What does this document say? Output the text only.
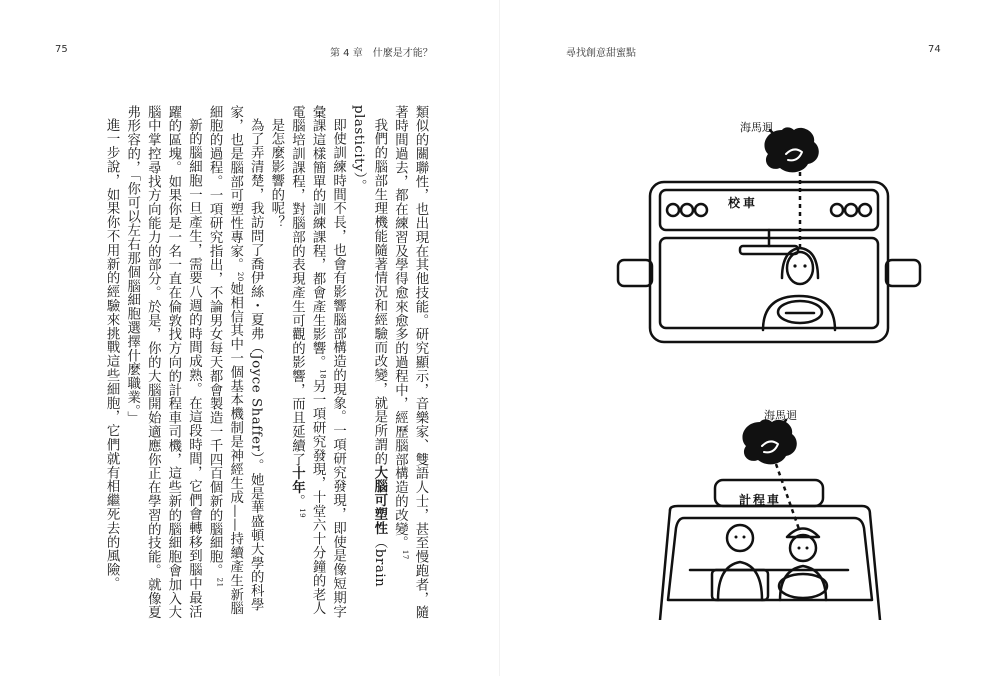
75	第 4 章　什麼是才能？	尋找創意甜蜜點	74

類似的關聯性，也出現在其他技能。研究顯示，音樂家、雙語人士，甚至慢跑者，隨著時間過去，都在練習及學得愈來愈多的過程中，經歷腦部構造的改變。$^{17}$

我們的腦部生理機能隨著情況和經驗而改變，就是所謂的大腦可塑性（brain plasticity）。

即使訓練時間不長，也會有影響腦部構造的現象。一項研究發現，即使是像短期字彙課這樣簡單的訓練課程，都會產生影響。$^{18}$另一項研究發現，十堂六十分鐘的老人電腦培訓課程，對腦部的表現產生可觀的影響，而且延續了十年。$^{19}$

是怎麼影響的呢？

為了弄清楚，我訪問了喬伊絲・夏弗（Joyce Shaffer）。她是華盛頓大學的科學家，也是腦部可塑性專家。$^{20}$她相信其中一個基本機制是神經生成——持續產生新腦細胞的過程。一項研究指出，不論男女每天都會製造一千四百個新的腦細胞。$^{21}$

新的腦細胞一旦產生，需要八週的時間成熟。在這段時間，它們會轉移到腦中最活躍的區塊。如果你是一名一直在倫敦找方向的計程車司機，這些新的腦細胞會加入大腦中掌控尋找方向能力的部分。於是，你的大腦開始適應你正在學習的技能。就像夏弗形容的，「你可以左右那個腦細胞選擇什麼職業。」

進一步說，如果你不用新的經驗來挑戰這些細胞，它們就有相繼死去的風險。	海馬迴
海馬迴
校車
計程車
